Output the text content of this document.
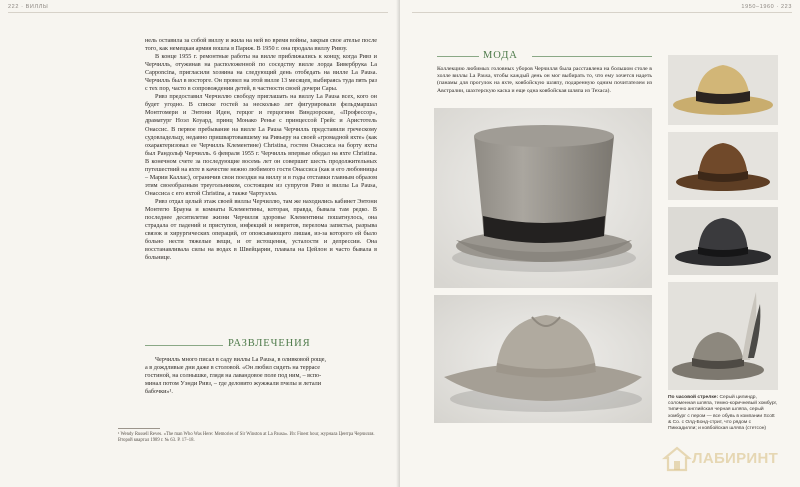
222 · ВИЛЛЫ

нель оставила за собой виллу и жила на ней во время войны, закрыв свое ателье после того, как немецкая армия вошла в Париж. В 1950 г. она продала виллу Ривзу.

В конце 1955 г. ремонтные работы на вилле приближались к концу, когда Ривз и Черчилль, отужинав на расположенной по соседству вилле лорда Бивербрука La Capponcina, пригласили хозяина на следующий день отобедать на вилле La Pausa. Черчилль был в восторге. Он провел на этой вилле 13 месяцев, выбираясь туда пять раз с тех пор, часто в сопровождении детей, в частности своей дочери Сары.

Ривз предоставил Черчиллю свободу приглашать на виллу La Pausa всех, кого он будет угодно. В списке гостей за несколько лет фигурировали фельдмаршал Монтгомери и Энтони Иден, герцог и герцогиня Виндзорские, «Профессор», драматург Ноэл Коуард, принц Монако Ренье с принцессой Грейс и Аристотель Онассис. В первое пребывание на вилле La Pausa Черчилль представили греческому судовладельцу, недавно пришвартовавшему на Ривьеру на своей «громадной яхте» (как охарактеризовал ее Черчилль Клементине) Christina, гостем Онассиса на борту яхты был Рандольф Черчилль. 6 февраля 1955 г. Черчилль впервые обедал на яхте Christina. В конечном счете за последующие восемь лет он совершит шесть продолжительных путешествий на яхте в качестве нежно любимого гостя Онассиса (как и его любовницы – Марии Каллас), ограничив свои поездки на виллу и в годы отставки главным образом этим своеобразным треугольником, состоящим из супругов Ривз и виллы La Pausa, Онассиса с его яхтой Christina, а также Чартуэлла.

Ривз отдал целый этаж своей виллы Черчиллю, там же находились кабинет Энтони Монтегю Брауна и комнаты Клементины, которая, правда, бывала там редко. В последнее десятилетие жизни Черчилля здоровье Клементины пошатнулось, она страдала от падений и приступов, инфекций и невритов, перелома запястья, разрыва связок и хирургических операций, от опоясывающего лишая, из-за которого ей было больно нести тяжелые вещи, и от истощения, усталости и депрессии. Она восстанавливала силы на водах в Швейцарии, плавала на Цейлон и часто бывала в больнице.

РАЗВЛЕЧЕНИЯ
Черчилль много писал в саду виллы La Pausa, в оливковой роще,
а в дождливые дни даже в столовой. «Он любил сидеть на террасе
гостиной, на солнышке, глядя на лавандовое поле под ним, – вспо-
минал потом Уэнди Ривз, – где деловито жужжали пчелы и летали
бабочки»¹.
¹ Wendy Russell Reves. «The man Who Was Here: Memories of Sir Winston at La Pausa». Из: Finest hour, журнала Центра Черчилля. Второй квартал 1989 г. № 63. P. 17–18.
1950–1960 · 223
МОДА
Коллекцию любимых головных уборов Черчилля была расставлена на большом столе в холле виллы La Pausa, чтобы каждый день он мог выбирать то, что ему хочется надеть (панамы для прогулок на яхте, ковбойскую шляпу, подаренную одним почитателем из Австралии, шахтерскую каска и еще одна ковбойская шляпа из Техаса).
По часовой стрелке: Серый цилиндр, соломенная шляпа, темно-коричневый хомбург, типично английская черная шляпа, серый хомбург с пером — все обувь в компании Scott & Co. с Олд-Бонд-стрит, что рядом с Пиккадилли; и ковбойская шляпа (стетсон)
ЛАБИРИНТ
